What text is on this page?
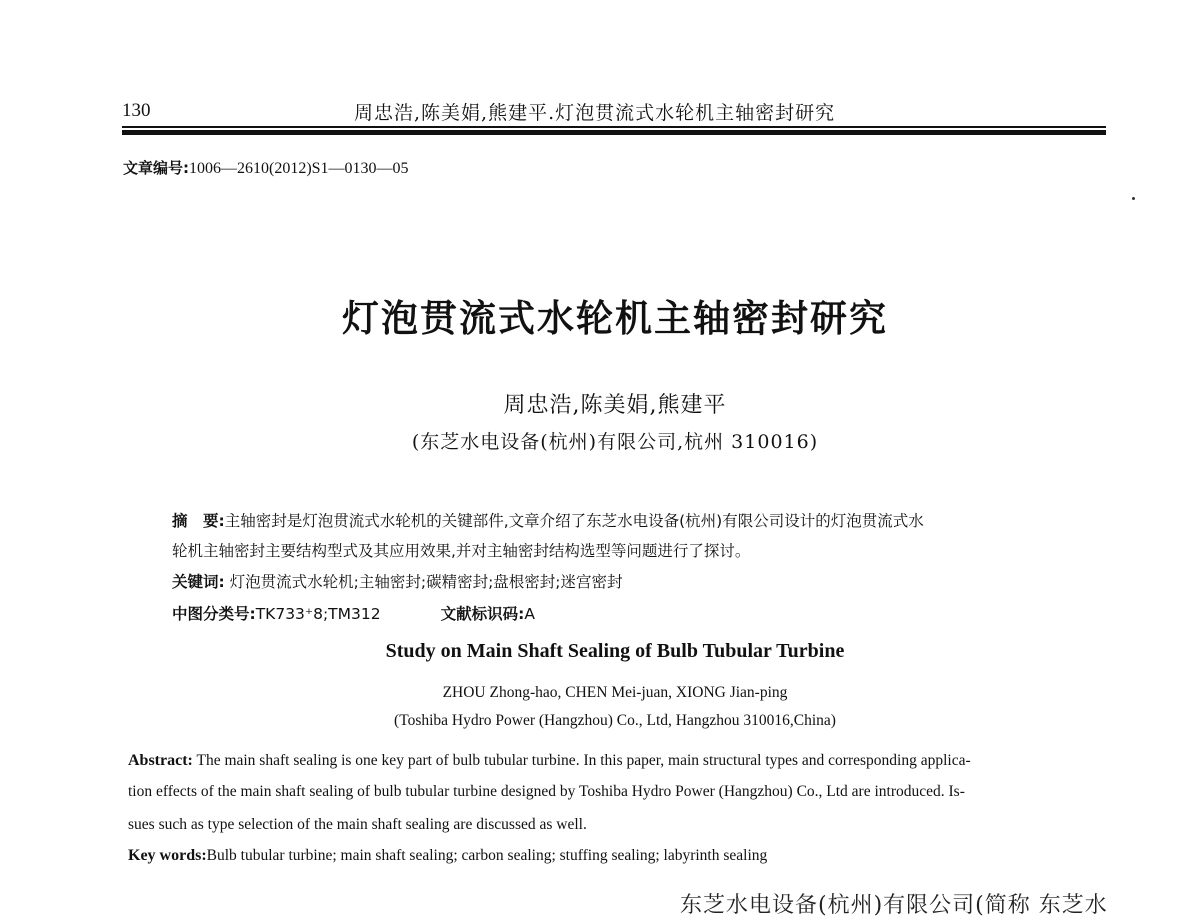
130	周忠浩,陈美娟,熊建平.灯泡贯流式水轮机主轴密封研究
文章编号:1006—2610(2012)S1—0130—05
灯泡贯流式水轮机主轴密封研究
周忠浩,陈美娟,熊建平
(东芝水电设备(杭州)有限公司,杭州 310016)
摘　要:主轴密封是灯泡贯流式水轮机的关键部件,文章介绍了东芝水电设备(杭州)有限公司设计的灯泡贯流式水
轮机主轴密封主要结构型式及其应用效果,并对主轴密封结构选型等问题进行了探讨。
关键词: 灯泡贯流式水轮机;主轴密封;碳精密封;盘根密封;迷宫密封
中图分类号:TK733⁺8;TM312	文献标识码:A
Study on Main Shaft Sealing of Bulb Tubular Turbine
ZHOU Zhong-hao, CHEN Mei-juan, XIONG Jian-ping
(Toshiba Hydro Power (Hangzhou) Co., Ltd, Hangzhou 310016,China)
Abstract: The main shaft sealing is one key part of bulb tubular turbine. In this paper, main structural types and corresponding applica-
tion effects of the main shaft sealing of bulb tubular turbine designed by Toshiba Hydro Power (Hangzhou) Co., Ltd are introduced. Is-
sues such as type selection of the main shaft sealing are discussed as well.
Key words:Bulb tubular turbine; main shaft sealing; carbon sealing; stuffing sealing; labyrinth sealing
东芝水电设备(杭州)有限公司(简称 东芝水
